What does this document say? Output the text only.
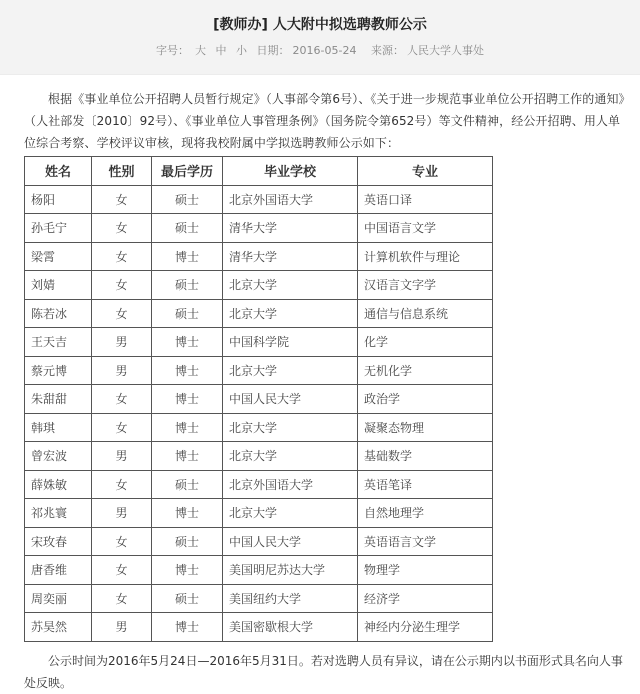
[教师办] 人大附中拟选聘教师公示
字号： 大 中 小 日期： 2016-05-24 来源： 人民大学人事处

根据《事业单位公开招聘人员暂行规定》（人事部令第6号）、《关于进一步规范事业单位公开招聘工作的通知》（人社部发〔2010〕92号）、《事业单位人事管理条例》（国务院令第652号）等文件精神，经公开招聘、用人单位综合考察、学校评议审核，现将我校附属中学拟选聘教师公示如下：

姓名	性别	最后学历	毕业学校	专业
杨阳	女	硕士	北京外国语大学	英语口译
孙毛宁	女	硕士	清华大学	中国语言文学
梁霄	女	博士	清华大学	计算机软件与理论
刘婧	女	硕士	北京大学	汉语言文字学
陈若冰	女	硕士	北京大学	通信与信息系统
王天吉	男	博士	中国科学院	化学
蔡元博	男	博士	北京大学	无机化学
朱甜甜	女	博士	中国人民大学	政治学
韩琪	女	博士	北京大学	凝聚态物理
曾宏波	男	博士	北京大学	基础数学
薛姝敏	女	硕士	北京外国语大学	英语笔译
祁兆寰	男	博士	北京大学	自然地理学
宋玫春	女	硕士	中国人民大学	英语语言文学
唐香维	女	博士	美国明尼苏达大学	物理学
周奕丽	女	硕士	美国纽约大学	经济学
苏昊然	男	博士	美国密歇根大学	神经内分泌生理学

公示时间为2016年5月24日—2016年5月31日。若对选聘人员有异议，请在公示期内以书面形式具名向人事处反映。
